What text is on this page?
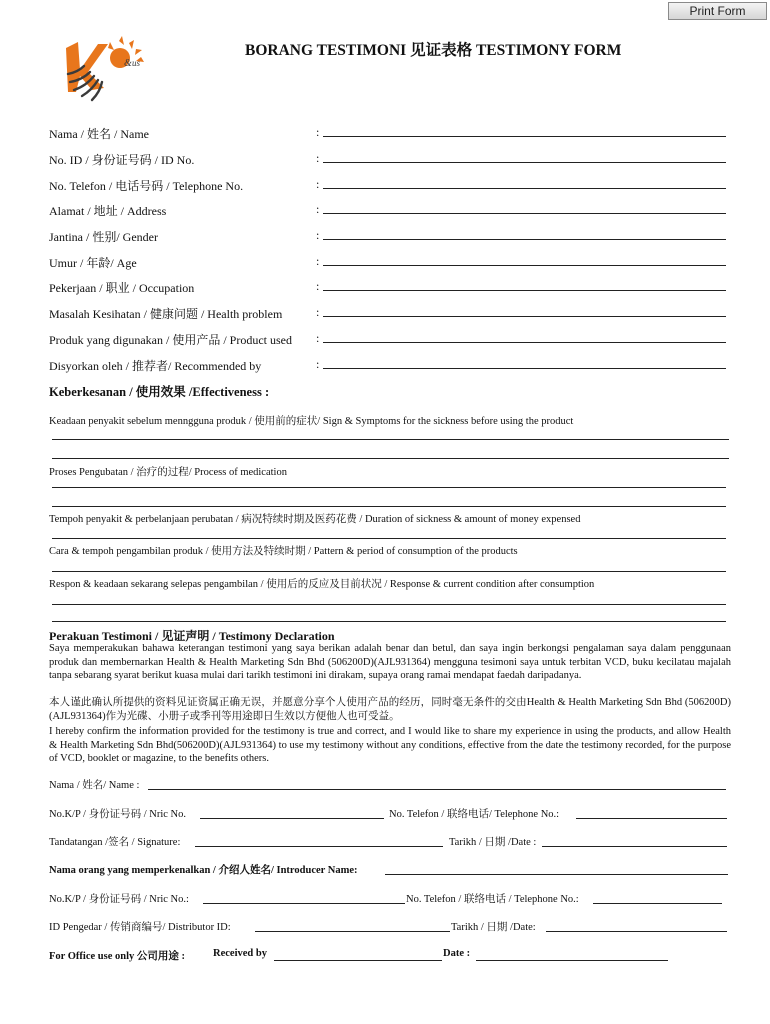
Print Form
& us
BORANG TESTIMONI 见证表格 TESTIMONY FORM
Nama / 姓名 / Name	:
No. ID / 身份证号码 / ID No.	:
No. Telefon / 电话号码 / Telephone No.	:
Alamat / 地址 / Address	:
Jantina / 性别/ Gender	:
Umur / 年龄/ Age	:
Pekerjaan / 职业 / Occupation	:
Masalah Kesihatan / 健康问题 / Health problem	:
Produk yang digunakan / 使用产品 / Product used :
Disyorkan oleh / 推荐者/ Recommended by	:
Keberkesanan / 使用效果 /Effectiveness :
Keadaan penyakit sebelum mennggunа produk / 使用前的症状/ Sign & Symptoms for the sickness before using the product
Proses Pengubatan / 治疗的过程/ Process of medication
Tempoh penyakit & perbelanjaan perubatan / 病况特续时期及医药花费 / Duration of sickness & amount of money expensed
Cara & tempoh pengambilan produk / 使用方法及特续时期 / Pattern & period of consumption of the products
Respon & keadaan sekarang selepas pengambilan / 使用后的反应及目前状况 / Response & current condition after consumption
Perakuan Testimoni / 见证声明 / Testimony Declaration
Saya memperakukan bahawa keterangan testimoni yang saya berikan adalah benar dan betul, dan saya ingin berkongsi pengalaman saya dalam penggunaan produk dan membernarkan Health & Health Marketing Sdn Bhd (506200D)(AJL931364) mengguna tesimoni saya untuk terbitan VCD, buku kecilatau majalah tanpa sebarang syarat berikut kuasa mulai dari tarikh testimoni ini dirakam, supaya orang ramai mendapat faedah daripadanya.
本人谨此确认所提供的资料见证资属正确无误，并愿意分享个人使用产品的经历，同时毫无条件的交由Health & Health Marketing Sdn Bhd (506200D)(AJL931364)作为光碟、小册子或季刊等用途即日生效以方便他人也可受益。
I hereby confirm the information provided for the testimony is true and correct, and I would like to share my experience in using the products, and allow Health & Health Marketing Sdn Bhd(506200D)(AJL931364) to use my testimony without any conditions, effective from the date the testimony recorded, for the purpose of VCD, booklet or magazine, to the benefits others.
Nama / 姓名/ Name :
No.K/P / 身份证号码 / Nric No.	No. Telefon / 联络电话/ Telephone No.:
Tandatangan /签名 / Signature:	Tarikh / 日期 /Date :
Nama orang yang memperkenalkan / 介绍人姓名/ Introducer Name:
No.K/P / 身份证号码 / Nric No.:	No. Telefon / 联络电话 / Telephone No.:
ID Pengedar / 传销商编号/ Distributor ID:	Tarikh / 日期 /Date:
For Office use only 公司用途 :	Received by	Date :
